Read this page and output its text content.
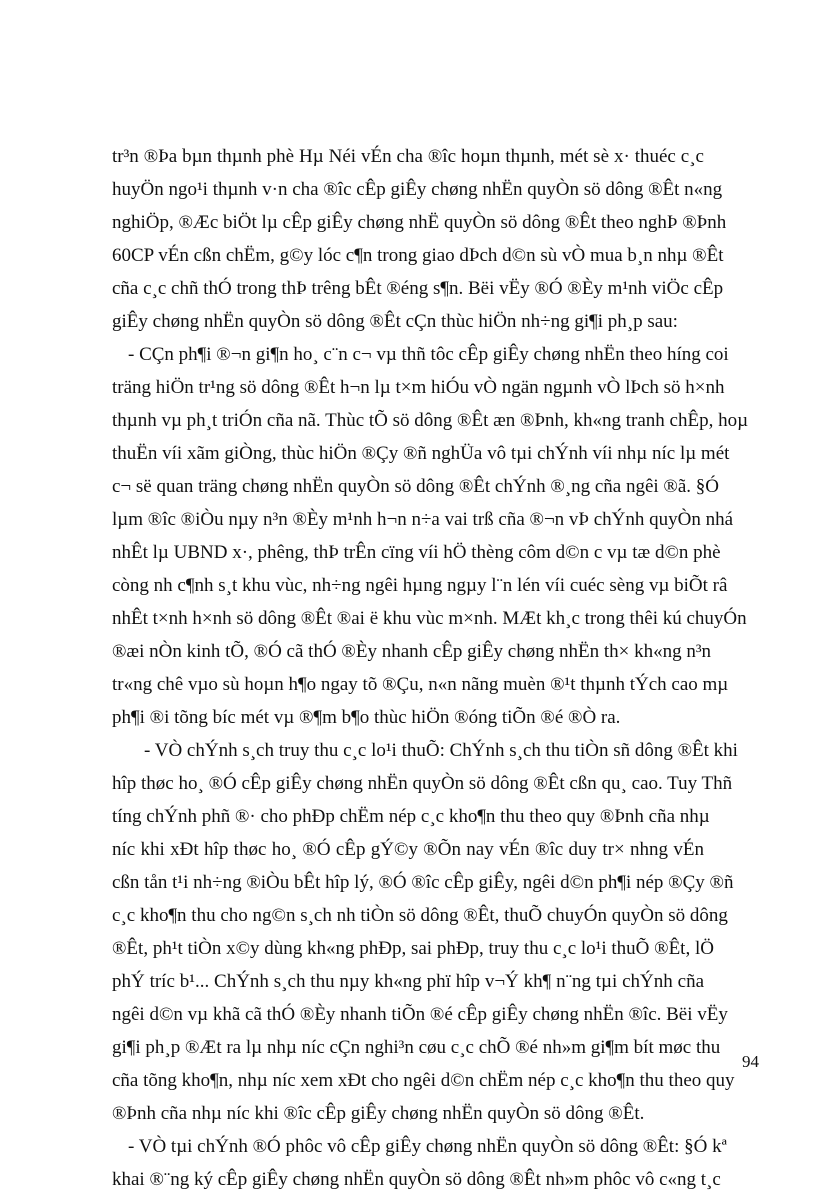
tr³n ®Þa bµn thµnh phè Hµ Néi vÉn cha ®îc hoµn thµnh, mét sè x· thuéc c¸c
huyÖn ngo¹i thµnh v·n cha ®îc cÊp giÊy chøng nhËn quyÒn sö dông ®Êt n«ng
nghiÖp, ®Æc biÖt lµ cÊp giÊy chøng nhË quyÒn sö dông ®Êt theo nghÞ ®Þnh
60CP vÉn cßn chËm, g©y lóc c¶n trong giao dÞch d©n sù vÒ mua b¸n nhµ ®Êt
cña c¸c chñ thÓ trong thÞ trêng bÊt ®éng s¶n. Bëi vËy ®Ó ®Èy m¹nh viÖc cÊp
giÊy chøng nhËn quyÒn sö dông ®Êt cÇn thùc hiÖn nh÷ng gi¶i ph¸p sau:
- CÇn ph¶i ®¬n gi¶n ho¸ c¨n c¬ vµ thñ tôc cÊp giÊy chøng nhËn theo híng coi
träng hiÖn tr¹ng sö dông ®Êt h¬n lµ t×m hiÓu vÒ ngän ngµnh vÒ lÞch sö h×nh
thµnh vµ ph¸t triÓn cña nã. Thùc tÕ sö dông ®Êt æn ®Þnh, kh«ng tranh chÊp, hoµ
thuËn víi xãm giÒng, thùc hiÖn ®Çy ®ñ nghÜa vô tµi chÝnh víi nhµ níc lµ mét
c¬ së quan träng chøng nhËn quyÒn sö dông ®Êt chÝnh ®¸ng cña ngêi ®ã. §Ó
lµm ®îc ®iÒu nµy n³n ®Èy m¹nh h¬n n÷a vai trß cña ®¬n vÞ chÝnh quyÒn nhá
nhÊt lµ UBND x·, phêng, thÞ trÊn cïng víi hÖ thèng côm d©n c vµ tæ d©n phè
còng nh c¶nh s¸t khu vùc, nh÷ng ngêi hµng ngµy l¨n lén víi cuéc sèng vµ biÕt râ
nhÊt t×nh h×nh sö dông ®Êt ®ai ë khu vùc m×nh. MÆt kh¸c trong thêi kú chuyÓn
®æi nÒn kinh tÕ, ®Ó cã thÓ ®Èy nhanh cÊp giÊy chøng nhËn th× kh«ng n³n
tr«ng chê vµo sù hoµn h¶o ngay tõ ®Çu, n«n nãng muèn ®¹t thµnh tÝch cao mµ
ph¶i ®i tõng bíc mét vµ ®¶m b¶o thùc hiÖn ®óng tiÕn ®é ®Ò ra.
- VÒ chÝnh s¸ch truy thu c¸c lo¹i thuÕ: ChÝnh s¸ch thu tiÒn sñ dông ®Êt khi
hîp thøc ho¸ ®Ó cÊp giÊy chøng nhËn quyÒn sö dông ®Êt cßn qu¸ cao. Tuy Thñ
tíng chÝnh phñ ®· cho phÐp chËm nép c¸c kho¶n thu theo quy ®Þnh cña nhµ
níc khi xÐt hîp thøc ho¸ ®Ó cÊp gÝ©y ®Õn nay vÉn ®îc duy tr× nhng vÉn
cßn tån t¹i nh÷ng ®iÒu bÊt hîp lý, ®Ó ®îc cÊp giÊy, ngêi d©n ph¶i nép ®Çy ®ñ
c¸c kho¶n thu cho ng©n s¸ch nh tiÒn sö dông ®Êt, thuÕ chuyÓn quyÒn sö dông
®Êt, ph¹t tiÒn x©y dùng kh«ng phÐp, sai phÐp, truy thu c¸c lo¹i thuÕ ®Êt, lÖ
phÝ tríc b¹... ChÝnh s¸ch thu nµy kh«ng phï hîp v¬Ý kh¶ n¨ng tµi chÝnh cña
ngêi d©n vµ khã cã thÓ ®Èy nhanh tiÕn ®é cÊp giÊy chøng nhËn ®îc. Bëi vËy
gi¶i ph¸p ®Æt ra lµ nhµ níc cÇn nghi³n cøu c¸c chÕ ®é nh»m gi¶m bít møc thu
cña tõng kho¶n, nhµ níc xem xÐt cho ngêi d©n chËm nép c¸c kho¶n thu theo quy
®Þnh cña nhµ níc khi ®îc cÊp giÊy chøng nhËn quyÒn sö dông ®Êt.
- VÒ tµi chÝnh ®Ó phôc vô cÊp giÊy chøng nhËn quyÒn sö dông ®Êt: §Ó kª
khai ®¨ng ký cÊp giÊy chøng nhËn quyÒn sö dông ®Êt nh»m phôc vô c«ng t¸c
94
